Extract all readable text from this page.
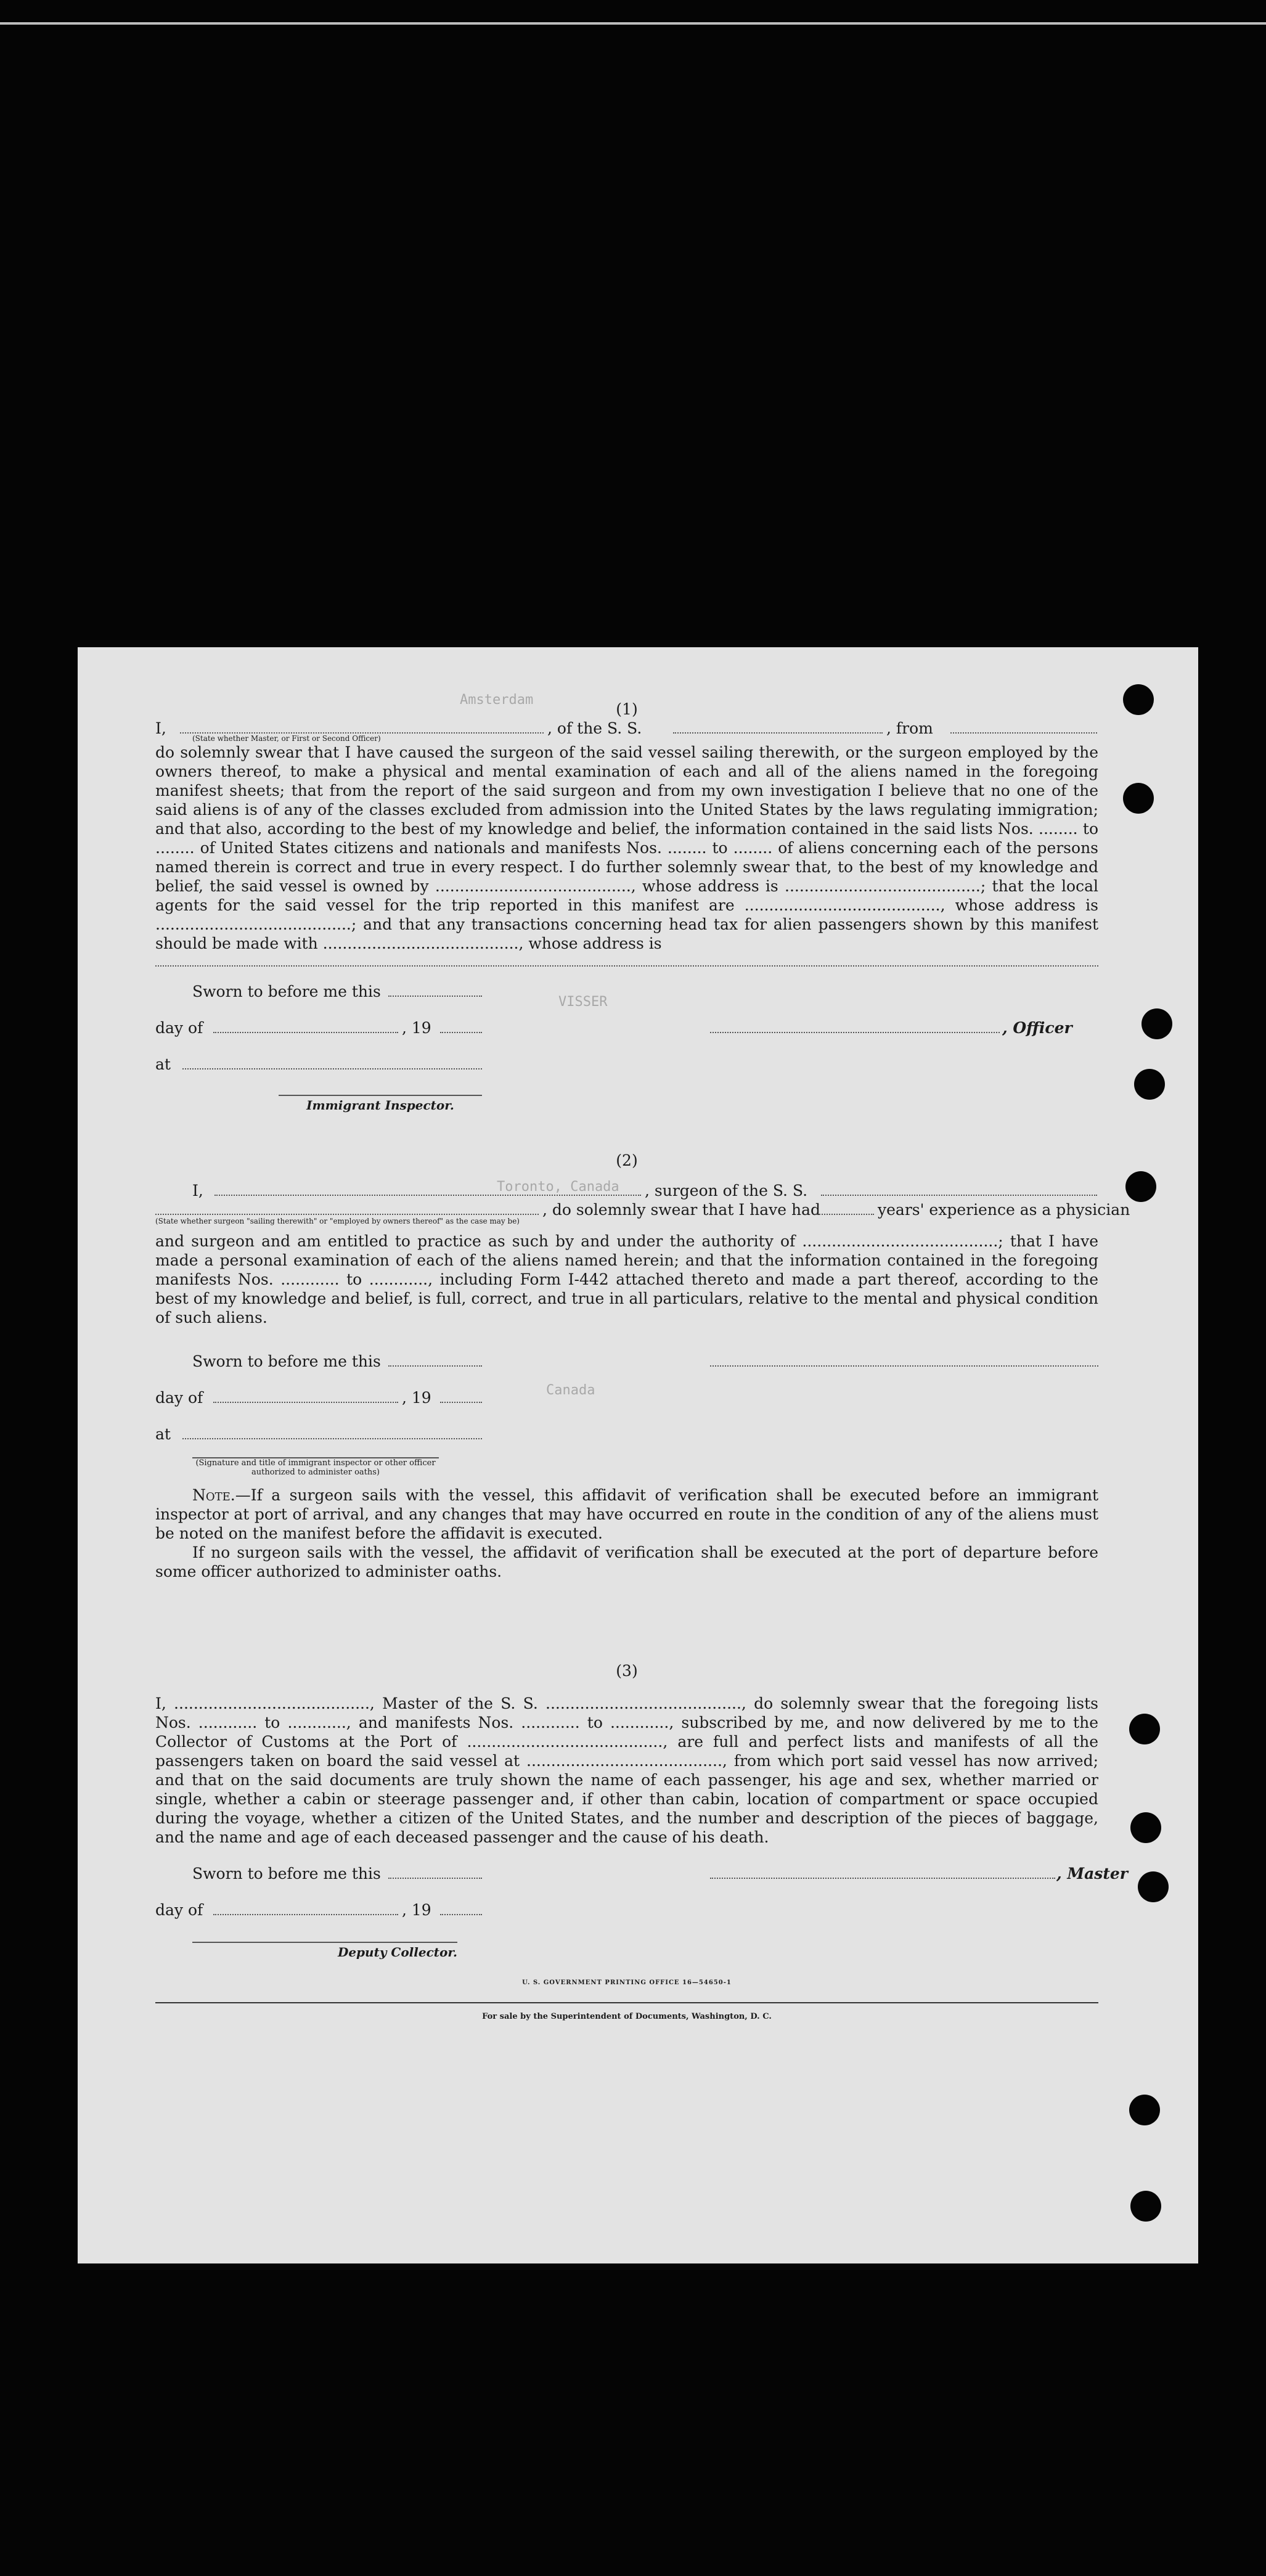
Amsterdam
VISSER
Canada
Toronto, Canada
(1)
I,	, of the S. S.	, from
(State whether Master, or First or Second Officer)

do solemnly swear that I have caused the surgeon of the said vessel sailing therewith, or the surgeon employed by the owners thereof, to make a physical and mental examination of each and all of the aliens named in the foregoing manifest sheets; that from the report of the said surgeon and from my own investigation I believe that no one of the said aliens is of any of the classes excluded from admission into the United States by the laws regulating immigration; and that also, according to the best of my knowledge and belief, the information contained in the said lists Nos. ........ to ........ of United States citizens and nationals and manifests Nos. ........ to ........ of aliens concerning each of the persons named therein is correct and true in every respect. I do further solemnly swear that, to the best of my knowledge and belief, the said vessel is owned by ........................................, whose address is ........................................; that the local agents for the said vessel for the trip reported in this manifest are ........................................, whose address is ........................................; and that any transactions concerning head tax for alien passengers shown by this manifest should be made with ........................................, whose address is

Sworn to before me this
day of	, 19	, Officer
at
Immigrant Inspector.
(2)
I,	, surgeon of the S. S.
, do solemnly swear that I have had	years' experience as a physician
(State whether surgeon "sailing therewith" or "employed by owners thereof" as the case may be)

and surgeon and am entitled to practice as such by and under the authority of ........................................; that I have made a personal examination of each of the aliens named herein; and that the information contained in the foregoing manifests Nos. ............ to ............, including Form I-442 attached thereto and made a part thereof, according to the best of my knowledge and belief, is full, correct, and true in all particulars, relative to the mental and physical condition of such aliens.

Sworn to before me this
day of	, 19
at
(Signature and title of immigrant inspector or other officer authorized to administer oaths)

Note.—If a surgeon sails with the vessel, this affidavit of verification shall be executed before an immigrant inspector at port of arrival, and any changes that may have occurred en route in the condition of any of the aliens must be noted on the manifest before the affidavit is executed.

If no surgeon sails with the vessel, the affidavit of verification shall be executed at the port of departure before some officer authorized to administer oaths.

(3)

I, ........................................, Master of the S. S. ........................................, do solemnly swear that the foregoing lists Nos. ............ to ............, and manifests Nos. ............ to ............, subscribed by me, and now delivered by me to the Collector of Customs at the Port of ........................................, are full and perfect lists and manifests of all the passengers taken on board the said vessel at ........................................, from which port said vessel has now arrived; and that on the said documents are truly shown the name of each passenger, his age and sex, whether married or single, whether a cabin or steerage passenger and, if other than cabin, location of compartment or space occupied during the voyage, whether a citizen of the United States, and the number and description of the pieces of baggage, and the name and age of each deceased passenger and the cause of his death.

Sworn to before me this	, Master
day of	, 19
Deputy Collector.
U. S. GOVERNMENT PRINTING OFFICE 16—54650-1
For sale by the Superintendent of Documents, Washington, D. C.
